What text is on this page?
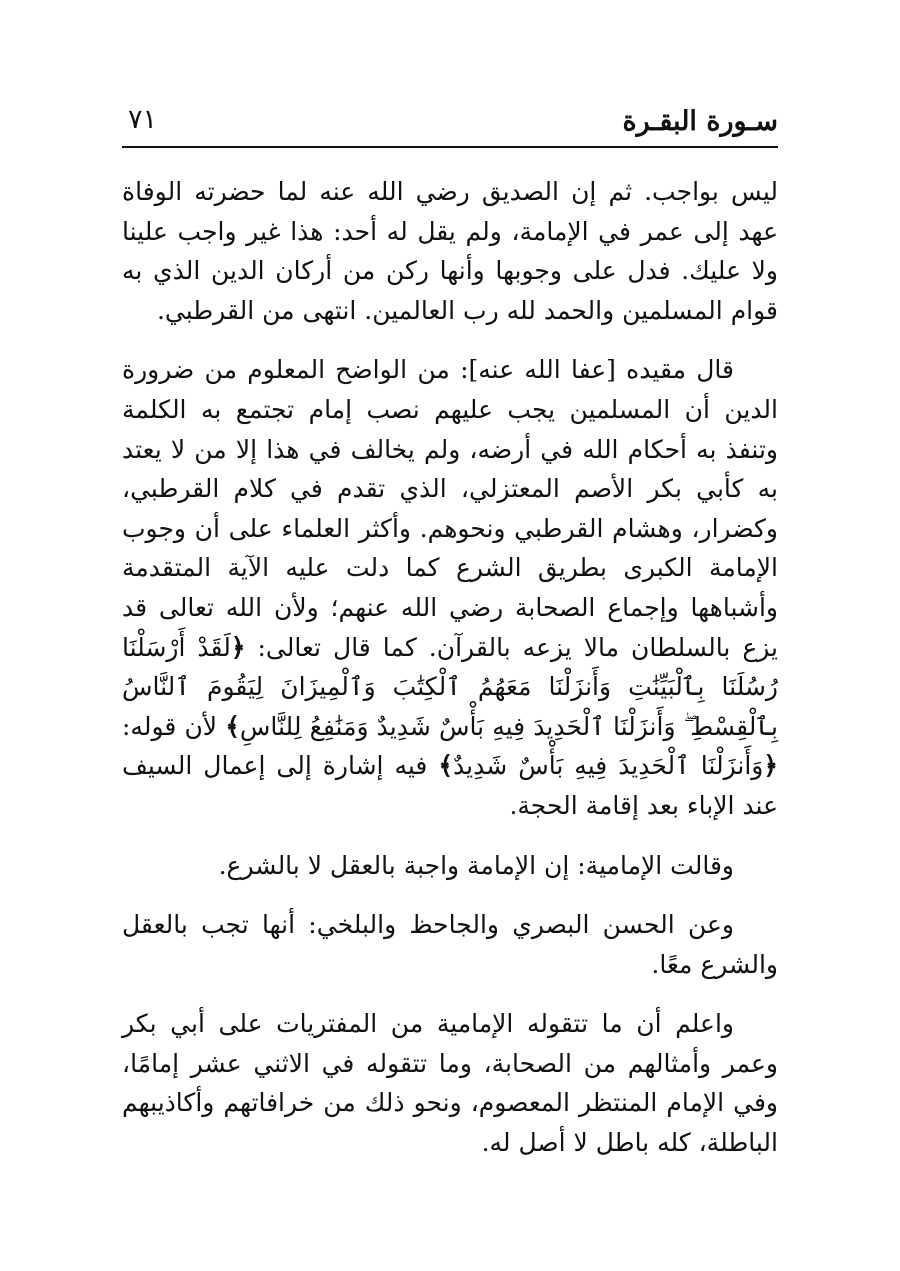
سـورة البقـرة
٧١

ليس بواجب. ثم إن الصديق رضي الله عنه لما حضرته الوفاة عهد إلى عمر في الإمامة، ولم يقل له أحد: هذا غير واجب علينا ولا عليك. فدل على وجوبها وأنها ركن من أركان الدين الذي به قوام المسلمين والحمد لله رب العالمين. انتهى من القرطبي.

قال مقيده [عفا الله عنه]: من الواضح المعلوم من ضرورة الدين أن المسلمين يجب عليهم نصب إمام تجتمع به الكلمة وتنفذ به أحكام الله في أرضه، ولم يخالف في هذا إلا من لا يعتد به كأبي بكر الأصم المعتزلي، الذي تقدم في كلام القرطبي، وكضرار، وهشام القرطبي ونحوهم. وأكثر العلماء على أن وجوب الإمامة الكبرى بطريق الشرع كما دلت عليه الآية المتقدمة وأشباهها وإجماع الصحابة رضي الله عنهم؛ ولأن الله تعالى قد يزع بالسلطان مالا يزعه بالقرآن. كما قال تعالى: ﴿لَقَدْ أَرْسَلْنَا رُسُلَنَا بِٱلْبَيِّنَٰتِ وَأَنزَلْنَا مَعَهُمُ ٱلْكِتَٰبَ وَٱلْمِيزَانَ لِيَقُومَ ٱلنَّاسُ بِٱلْقِسْطِ ۖ وَأَنزَلْنَا ٱلْحَدِيدَ فِيهِ بَأْسٌ شَدِيدٌ وَمَنَٰفِعُ لِلنَّاسِ﴾ لأن قوله: ﴿وَأَنزَلْنَا ٱلْحَدِيدَ فِيهِ بَأْسٌ شَدِيدٌ﴾ فيه إشارة إلى إعمال السيف عند الإباء بعد إقامة الحجة.

وقالت الإمامية: إن الإمامة واجبة بالعقل لا بالشرع.

وعن الحسن البصري والجاحظ والبلخي: أنها تجب بالعقل والشرع معًا.

واعلم أن ما تتقوله الإمامية من المفتريات على أبي بكر وعمر وأمثالهم من الصحابة، وما تتقوله في الاثني عشر إمامًا، وفي الإمام المنتظر المعصوم، ونحو ذلك من خرافاتهم وأكاذيبهم الباطلة، كله باطل لا أصل له.
